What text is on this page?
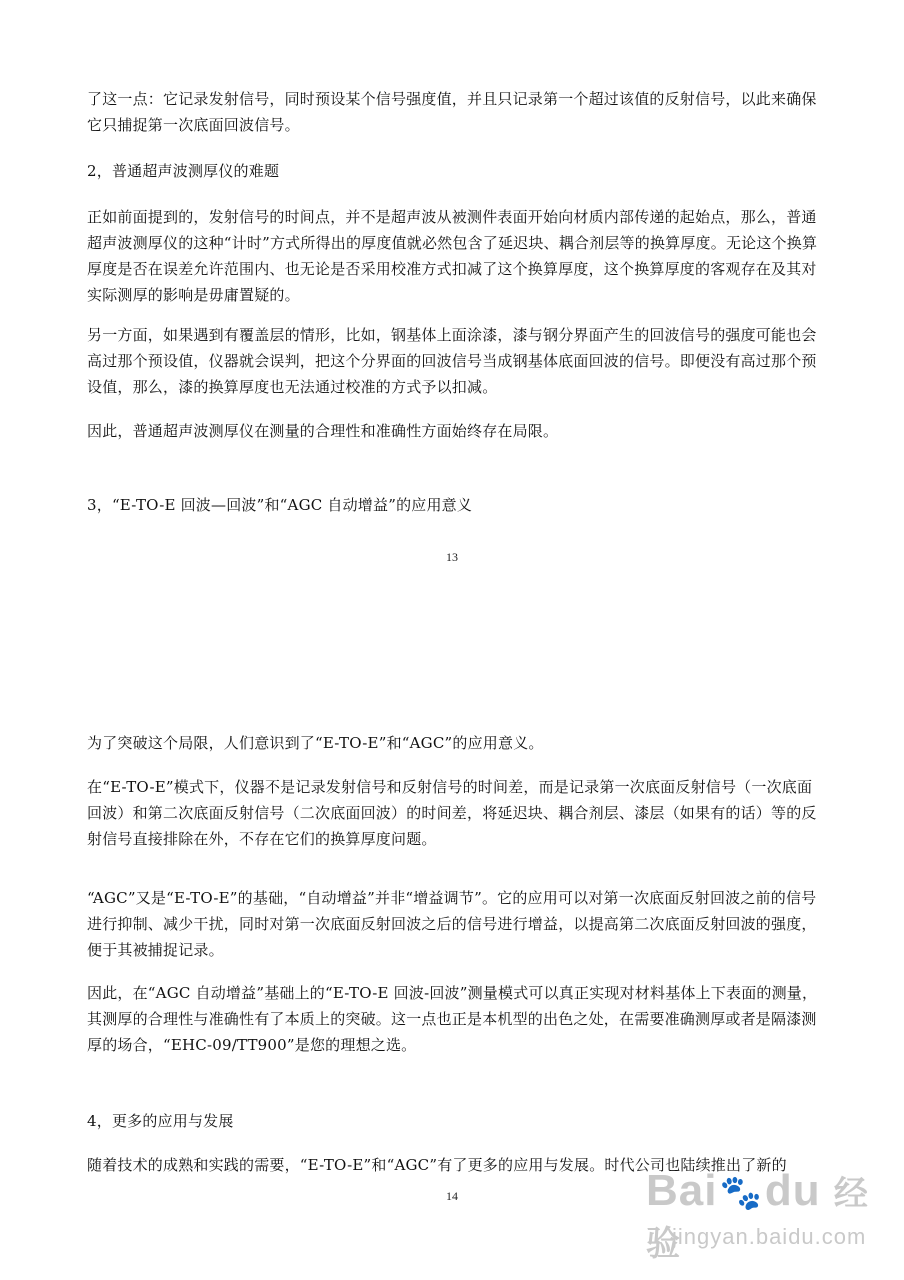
了这一点：它记录发射信号，同时预设某个信号强度值，并且只记录第一个超过该值的反射信号，以此来确保它只捕捉第一次底面回波信号。

2，普通超声波测厚仪的难题

正如前面提到的，发射信号的时间点，并不是超声波从被测件表面开始向材质内部传递的起始点，那么，普通超声波测厚仪的这种“计时”方式所得出的厚度值就必然包含了延迟块、耦合剂层等的换算厚度。无论这个换算厚度是否在误差允许范围内、也无论是否采用校准方式扣减了这个换算厚度，这个换算厚度的客观存在及其对实际测厚的影响是毋庸置疑的。

另一方面，如果遇到有覆盖层的情形，比如，钢基体上面涂漆，漆与钢分界面产生的回波信号的强度可能也会高过那个预设值，仪器就会误判，把这个分界面的回波信号当成钢基体底面回波的信号。即便没有高过那个预设值，那么，漆的换算厚度也无法通过校准的方式予以扣减。

因此，普通超声波测厚仪在测量的合理性和准确性方面始终存在局限。

3，“E-TO-E 回波—回波”和“AGC 自动增益”的应用意义

13

为了突破这个局限，人们意识到了“E-TO-E”和“AGC”的应用意义。

在“E-TO-E”模式下，仪器不是记录发射信号和反射信号的时间差，而是记录第一次底面反射信号（一次底面回波）和第二次底面反射信号（二次底面回波）的时间差，将延迟块、耦合剂层、漆层（如果有的话）等的反射信号直接排除在外，不存在它们的换算厚度问题。

“AGC”又是“E-TO-E”的基础，“自动增益”并非“增益调节”。它的应用可以对第一次底面反射回波之前的信号进行抑制、减少干扰，同时对第一次底面反射回波之后的信号进行增益，以提高第二次底面反射回波的强度，便于其被捕捉记录。

因此，在“AGC 自动增益”基础上的“E-TO-E 回波-回波”测量模式可以真正实现对材料基体上下表面的测量，其测厚的合理性与准确性有了本质上的突破。这一点也正是本机型的出色之处，在需要准确测厚或者是隔漆测厚的场合，“EHC-09/TT900”是您的理想之选。

4，更多的应用与发展

随着技术的成熟和实践的需要，“E-TO-E”和“AGC”有了更多的应用与发展。时代公司也陆续推出了新的

14	Bai🐾du 经验
jingyan.baidu.com
